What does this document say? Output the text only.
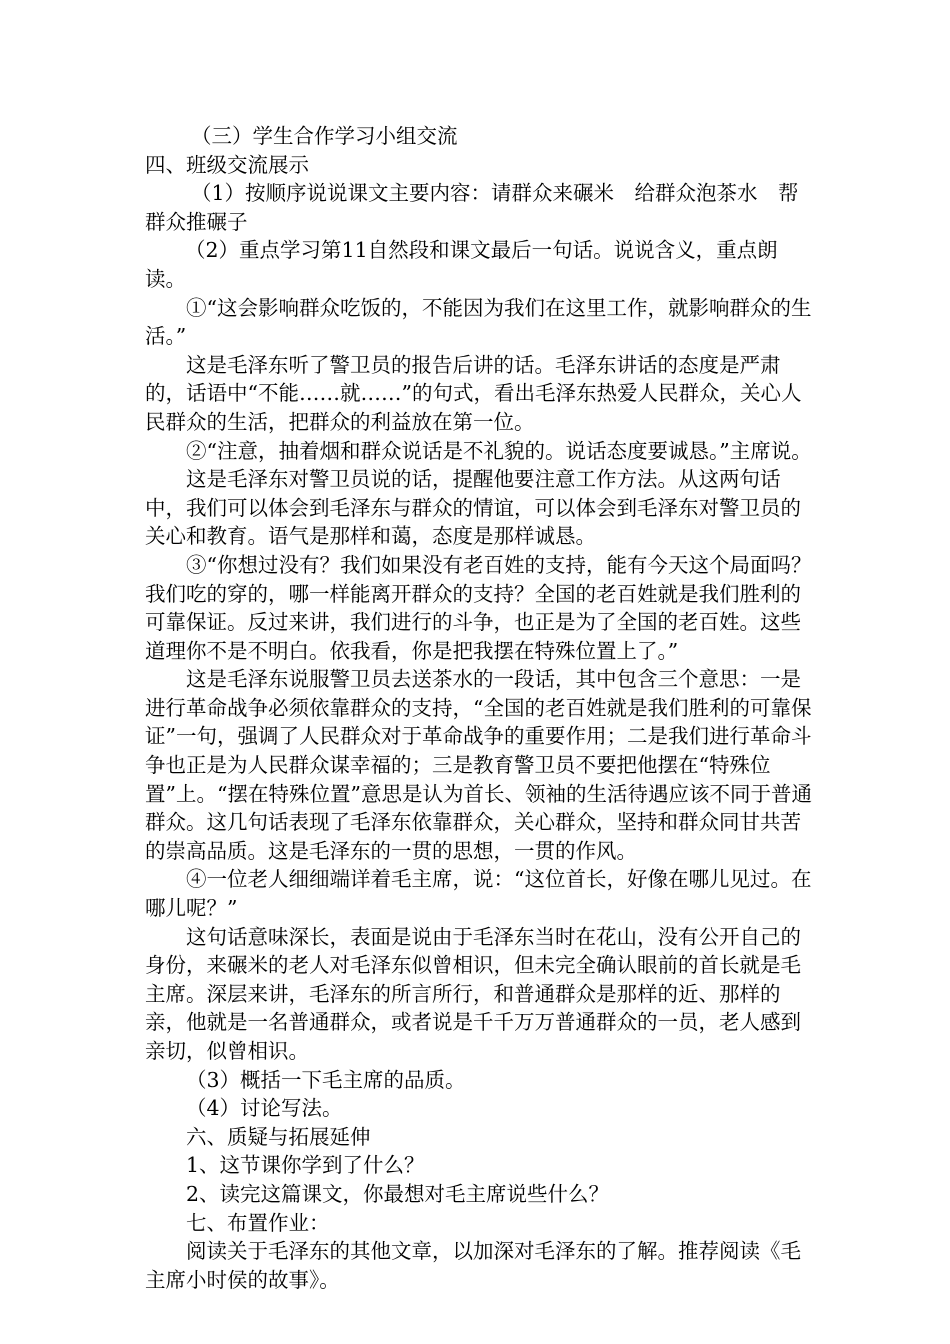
（三）学生合作学习小组交流

四、班级交流展示

（1）按顺序说说课文主要内容：请群众来碾米　给群众泡茶水　帮群众推碾子

（2）重点学习第11自然段和课文最后一句话。说说含义，重点朗读。

①“这会影响群众吃饭的，不能因为我们在这里工作，就影响群众的生活。”

这是毛泽东听了警卫员的报告后讲的话。毛泽东讲话的态度是严肃的，话语中“不能……就……”的句式，看出毛泽东热爱人民群众，关心人民群众的生活，把群众的利益放在第一位。

②“注意，抽着烟和群众说话是不礼貌的。说话态度要诚恳。”主席说。

这是毛泽东对警卫员说的话，提醒他要注意工作方法。从这两句话中，我们可以体会到毛泽东与群众的情谊，可以体会到毛泽东对警卫员的关心和教育。语气是那样和蔼，态度是那样诚恳。

③“你想过没有？我们如果没有老百姓的支持，能有今天这个局面吗？我们吃的穿的，哪一样能离开群众的支持？全国的老百姓就是我们胜利的可靠保证。反过来讲，我们进行的斗争，也正是为了全国的老百姓。这些道理你不是不明白。依我看，你是把我摆在特殊位置上了。”

这是毛泽东说服警卫员去送茶水的一段话，其中包含三个意思：一是进行革命战争必须依靠群众的支持，“全国的老百姓就是我们胜利的可靠保证”一句，强调了人民群众对于革命战争的重要作用；二是我们进行革命斗争也正是为人民群众谋幸福的；三是教育警卫员不要把他摆在“特殊位置”上。“摆在特殊位置”意思是认为首长、领袖的生活待遇应该不同于普通群众。这几句话表现了毛泽东依靠群众，关心群众，坚持和群众同甘共苦的崇高品质。这是毛泽东的一贯的思想，一贯的作风。

④一位老人细细端详着毛主席，说：“这位首长，好像在哪儿见过。在哪儿呢？”

这句话意味深长，表面是说由于毛泽东当时在花山，没有公开自己的身份，来碾米的老人对毛泽东似曾相识，但未完全确认眼前的首长就是毛主席。深层来讲，毛泽东的所言所行，和普通群众是那样的近、那样的亲，他就是一名普通群众，或者说是千千万万普通群众的一员，老人感到亲切，似曾相识。

（3）概括一下毛主席的品质。

（4）讨论写法。

六、质疑与拓展延伸

1、这节课你学到了什么？

2、读完这篇课文，你最想对毛主席说些什么？

七、布置作业：

阅读关于毛泽东的其他文章，以加深对毛泽东的了解。推荐阅读《毛主席小时侯的故事》。
